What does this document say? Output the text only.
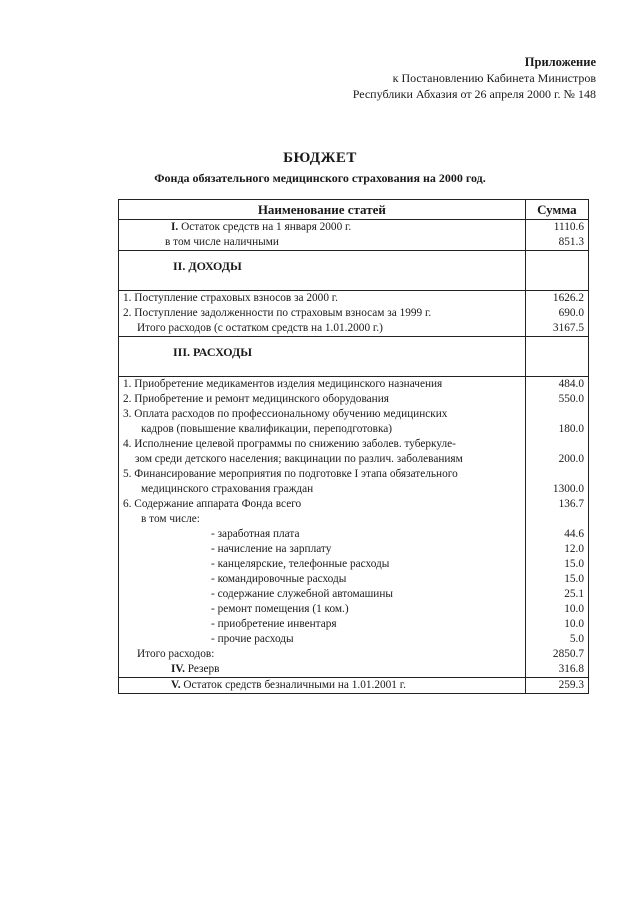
Приложение
к Постановлению Кабинета Министров
Республики Абхазия от 26 апреля 2000 г. № 148
БЮДЖЕТ
Фонда обязательного медицинского страхования на 2000 год.
Наименование статей	Сумма
I. Остаток средств на 1 января 2000 г.	1110.6
в том числе наличными	851.3
II. ДОХОДЫ	
1. Поступление страховых взносов за 2000 г.	1626.2
2. Поступление задолженности по страховым взносам за 1999 г.	690.0
Итого расходов (с остатком средств на 1.01.2000 г.)	3167.5
III. РАСХОДЫ	
1. Приобретение медикаментов изделия медицинского назначения	484.0
2. Приобретение и ремонт медицинского оборудования	550.0

3. Оплата расходов по профессиональному обучению медицинских
кадров (повышение квалификации, переподготовка)	180.0

4. Исполнение целевой программы по снижению заболев. туберкуле-
зом среди детского населения; вакцинации по различ. заболеваниям	200.0

5. Финансирование мероприятия по подготовке I этапа обязательного
медицинского страхования граждан	1300.0
6. Содержание аппарата Фонда всего	136.7
в том числе:	
- заработная плата	44.6
- начисление на зарплату	12.0
- канцелярские, телефонные расходы	15.0
- командировочные расходы	15.0
- содержание служебной автомашины	25.1
- ремонт помещения (1 ком.)	10.0
- приобретение инвентаря	10.0
- прочие расходы	5.0
Итого расходов:	2850.7
IV. Резерв	316.8
V. Остаток средств безналичными на 1.01.2001 г.	259.3
